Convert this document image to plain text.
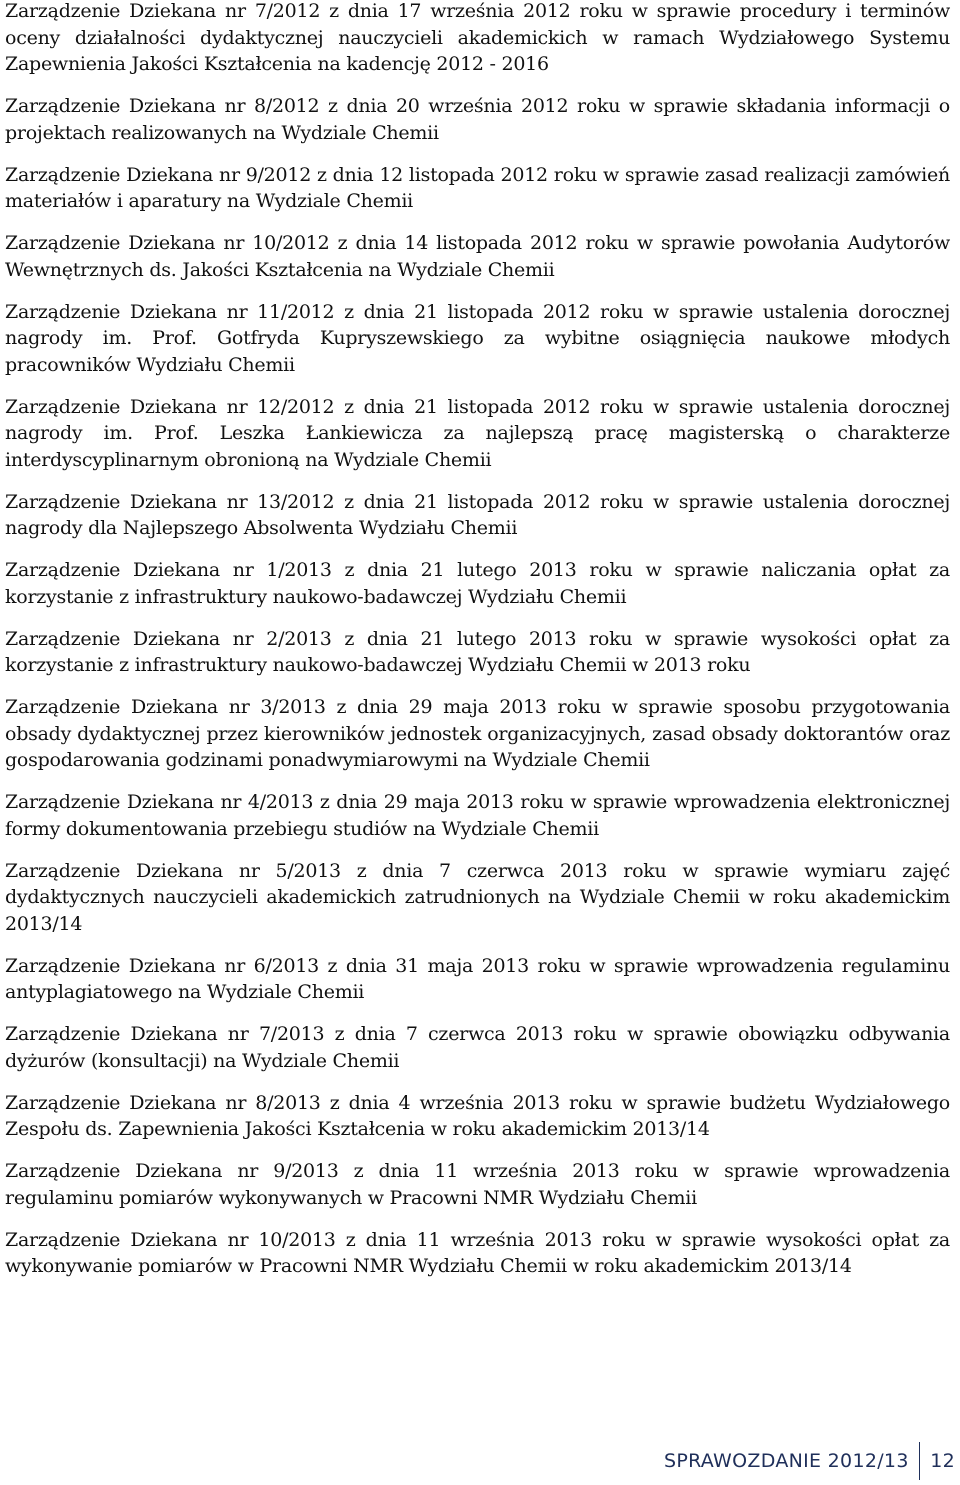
Zarządzenie Dziekana nr 7/2012 z dnia 17 września 2012 roku w sprawie procedury i terminów oceny działalności dydaktycznej nauczycieli akademickich w ramach Wydziałowego Systemu Zapewnienia Jakości Kształcenia na kadencję 2012 - 2016

Zarządzenie Dziekana nr 8/2012 z dnia 20 września 2012 roku w sprawie składania informacji o projektach realizowanych na Wydziale Chemii

Zarządzenie Dziekana nr 9/2012 z dnia 12 listopada 2012 roku w sprawie zasad realizacji zamówień materiałów i aparatury na Wydziale Chemii

Zarządzenie Dziekana nr 10/2012 z dnia 14 listopada 2012 roku w sprawie powołania Audytorów Wewnętrznych ds. Jakości Kształcenia na Wydziale Chemii

Zarządzenie Dziekana nr 11/2012 z dnia 21 listopada 2012 roku w sprawie ustalenia dorocznej nagrody im. Prof. Gotfryda Kupryszewskiego za wybitne osiągnięcia naukowe młodych pracowników Wydziału Chemii

Zarządzenie Dziekana nr 12/2012 z dnia 21 listopada 2012 roku w sprawie ustalenia dorocznej nagrody im. Prof. Leszka Łankiewicza za najlepszą pracę magisterską o charakterze interdyscyplinarnym obronioną na Wydziale Chemii

Zarządzenie Dziekana nr 13/2012 z dnia 21 listopada 2012 roku w sprawie ustalenia dorocznej nagrody dla Najlepszego Absolwenta Wydziału Chemii

Zarządzenie Dziekana nr 1/2013 z dnia 21 lutego 2013 roku w sprawie naliczania opłat za korzystanie z infrastruktury naukowo-badawczej Wydziału Chemii

Zarządzenie Dziekana nr 2/2013 z dnia 21 lutego 2013 roku w sprawie wysokości opłat za korzystanie z infrastruktury naukowo-badawczej Wydziału Chemii w 2013 roku

Zarządzenie Dziekana nr 3/2013 z dnia 29 maja 2013 roku w sprawie sposobu przygotowania obsady dydaktycznej przez kierowników jednostek organizacyjnych, zasad obsady doktorantów oraz gospodarowania godzinami ponadwymiarowymi na Wydziale Chemii

Zarządzenie Dziekana nr 4/2013 z dnia 29 maja 2013 roku w sprawie wprowadzenia elektronicznej formy dokumentowania przebiegu studiów na Wydziale Chemii

Zarządzenie Dziekana nr 5/2013 z dnia 7 czerwca 2013 roku w sprawie wymiaru zajęć dydaktycznych nauczycieli akademickich zatrudnionych na Wydziale Chemii w roku akademickim 2013/14

Zarządzenie Dziekana nr 6/2013 z dnia 31 maja 2013 roku w sprawie wprowadzenia regulaminu antyplagiatowego na Wydziale Chemii

Zarządzenie Dziekana nr 7/2013 z dnia 7 czerwca 2013 roku w sprawie obowiązku odbywania dyżurów (konsultacji) na Wydziale Chemii

Zarządzenie Dziekana nr 8/2013 z dnia 4 września 2013 roku w sprawie budżetu Wydziałowego Zespołu ds. Zapewnienia Jakości Kształcenia w roku akademickim 2013/14

Zarządzenie Dziekana nr 9/2013 z dnia 11 września 2013 roku w sprawie wprowadzenia regulaminu pomiarów wykonywanych w Pracowni NMR Wydziału Chemii

Zarządzenie Dziekana nr 10/2013 z dnia 11 września 2013 roku w sprawie wysokości opłat za wykonywanie pomiarów w Pracowni NMR Wydziału Chemii w roku akademickim 2013/14

SPRAWOZDANIE 2012/13	12
